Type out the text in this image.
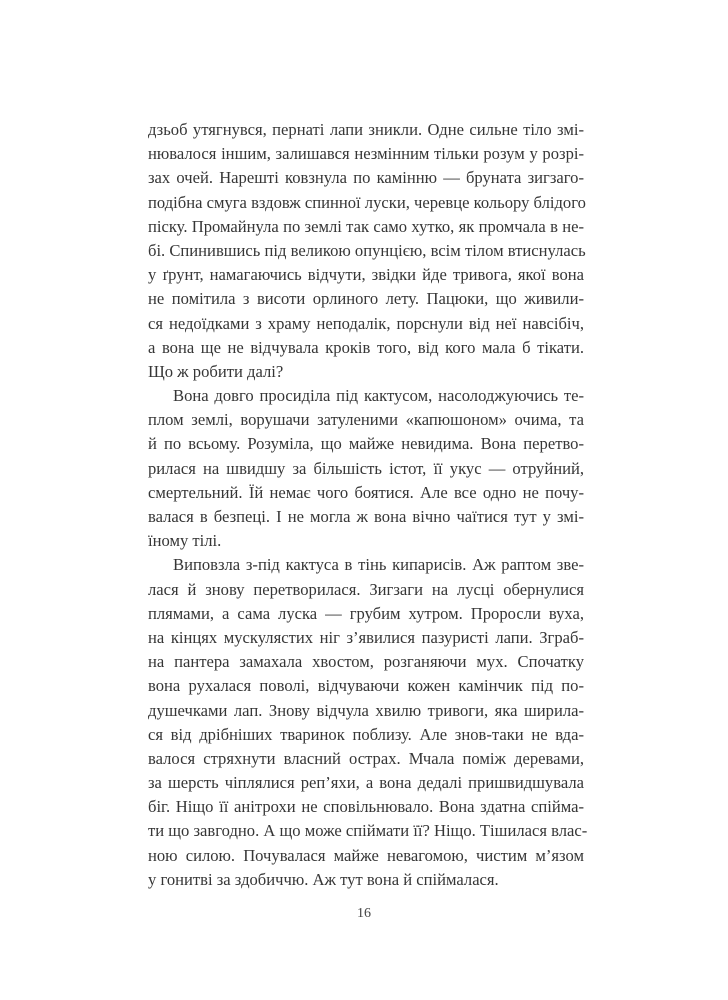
дзьоб утягнувся, пернаті лапи зникли. Одне сильне тіло змі-
нювалося іншим, залишався незмінним тільки розум у розрі-
зах очей. Нарешті ковзнула по камінню — бруната зигзаго-
подібна смуга вздовж спинної луски, черевце кольору блідого
піску. Промайнула по землі так само хутко, як промчала в не-
бі. Спинившись під великою опунцією, всім тілом втиснулась
у ґрунт, намагаючись відчути, звідки йде тривога, якої вона
не помітила з висоти орлиного лету. Пацюки, що живили-
ся недоїдками з храму неподалік, порснули від неї навсібіч,
а вона ще не відчувала кроків того, від кого мала б тікати.
Що ж робити далі?
Вона довго просиділа під кактусом, насолоджуючись те-
плом землі, ворушачи затуленими «капюшоном» очима, та
й по всьому. Розуміла, що майже невидима. Вона перетво-
рилася на швидшу за більшість істот, її укус — отруйний,
смертельний. Їй немає чого боятися. Але все одно не почу-
валася в безпеці. І не могла ж вона вічно чаїтися тут у змі-
їному тілі.
Виповзла з-під кактуса в тінь кипарисів. Аж раптом зве-
лася й знову перетворилася. Зигзаги на лусці обернулися
плямами, а сама луска — грубим хутром. Проросли вуха,
на кінцях мускулястих ніг з’явилися пазуристі лапи. Зграб-
на пантера замахала хвостом, розганяючи мух. Спочатку
вона рухалася поволі, відчуваючи кожен камінчик під по-
душечками лап. Знову відчула хвилю тривоги, яка ширила-
ся від дрібніших тваринок поблизу. Але знов-таки не вда-
валося стряхнути власний острах. Мчала поміж деревами,
за шерсть чіплялися реп’яхи, а вона дедалі пришвидшувала
біг. Ніщо її анітрохи не сповільнювало. Вона здатна спійма-
ти що завгодно. А що може спіймати її? Ніщо. Тішилася влас-
ною силою. Почувалася майже невагомою, чистим м’язом
у гонитві за здобиччю. Аж тут вона й спіймалася.
16
